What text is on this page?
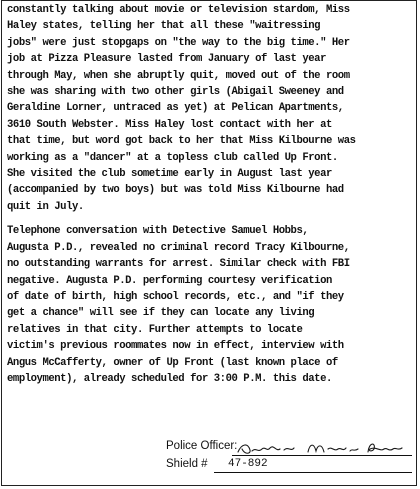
constantly talking about movie or television stardom, Miss
Haley states, telling her that all these "waitressing
jobs" were just stopgaps on "the way to the big time." Her
job at Pizza Pleasure lasted from January of last year
through May, when she abruptly quit, moved out of the room
she was sharing with two other girls (Abigail Sweeney and
Geraldine Lorner, untraced as yet) at Pelican Apartments,
3610 South Webster. Miss Haley lost contact with her at
that time, but word got back to her that Miss Kilbourne was
working as a "dancer" at a topless club called Up Front.
She visited the club sometime early in August last year
(accompanied by two boys) but was told Miss Kilbourne had
quit in July.

Telephone conversation with Detective Samuel Hobbs,
Augusta P.D., revealed no criminal record Tracy Kilbourne,
no outstanding warrants for arrest. Similar check with FBI
negative. Augusta P.D. performing courtesy verification
of date of birth, high school records, etc., and "if they
get a chance" will see if they can locate any living
relatives in that city. Further attempts to locate
victim's previous roommates now in effect, interview with
Angus McCafferty, owner of Up Front (last known place of
employment), already scheduled for 3:00 P.M. this date.

Police Officer:
Detective Morris Bloom
Shield # 47-892
